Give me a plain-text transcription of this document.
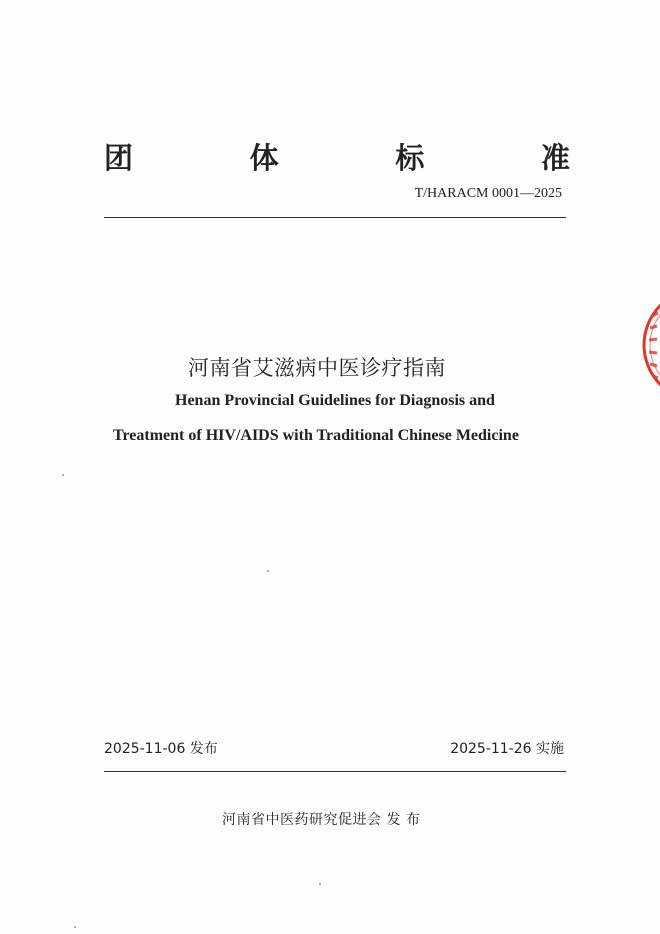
团	体	标	准
T/HARACM 0001—2025
河南省艾滋病中医诊疗指南
Henan Provincial Guidelines for Diagnosis and
Treatment of HIV/AIDS with Traditional Chinese Medicine
2025-11-06 发布	2025-11-26 实施
河南省中医药研究促进会 发 布
